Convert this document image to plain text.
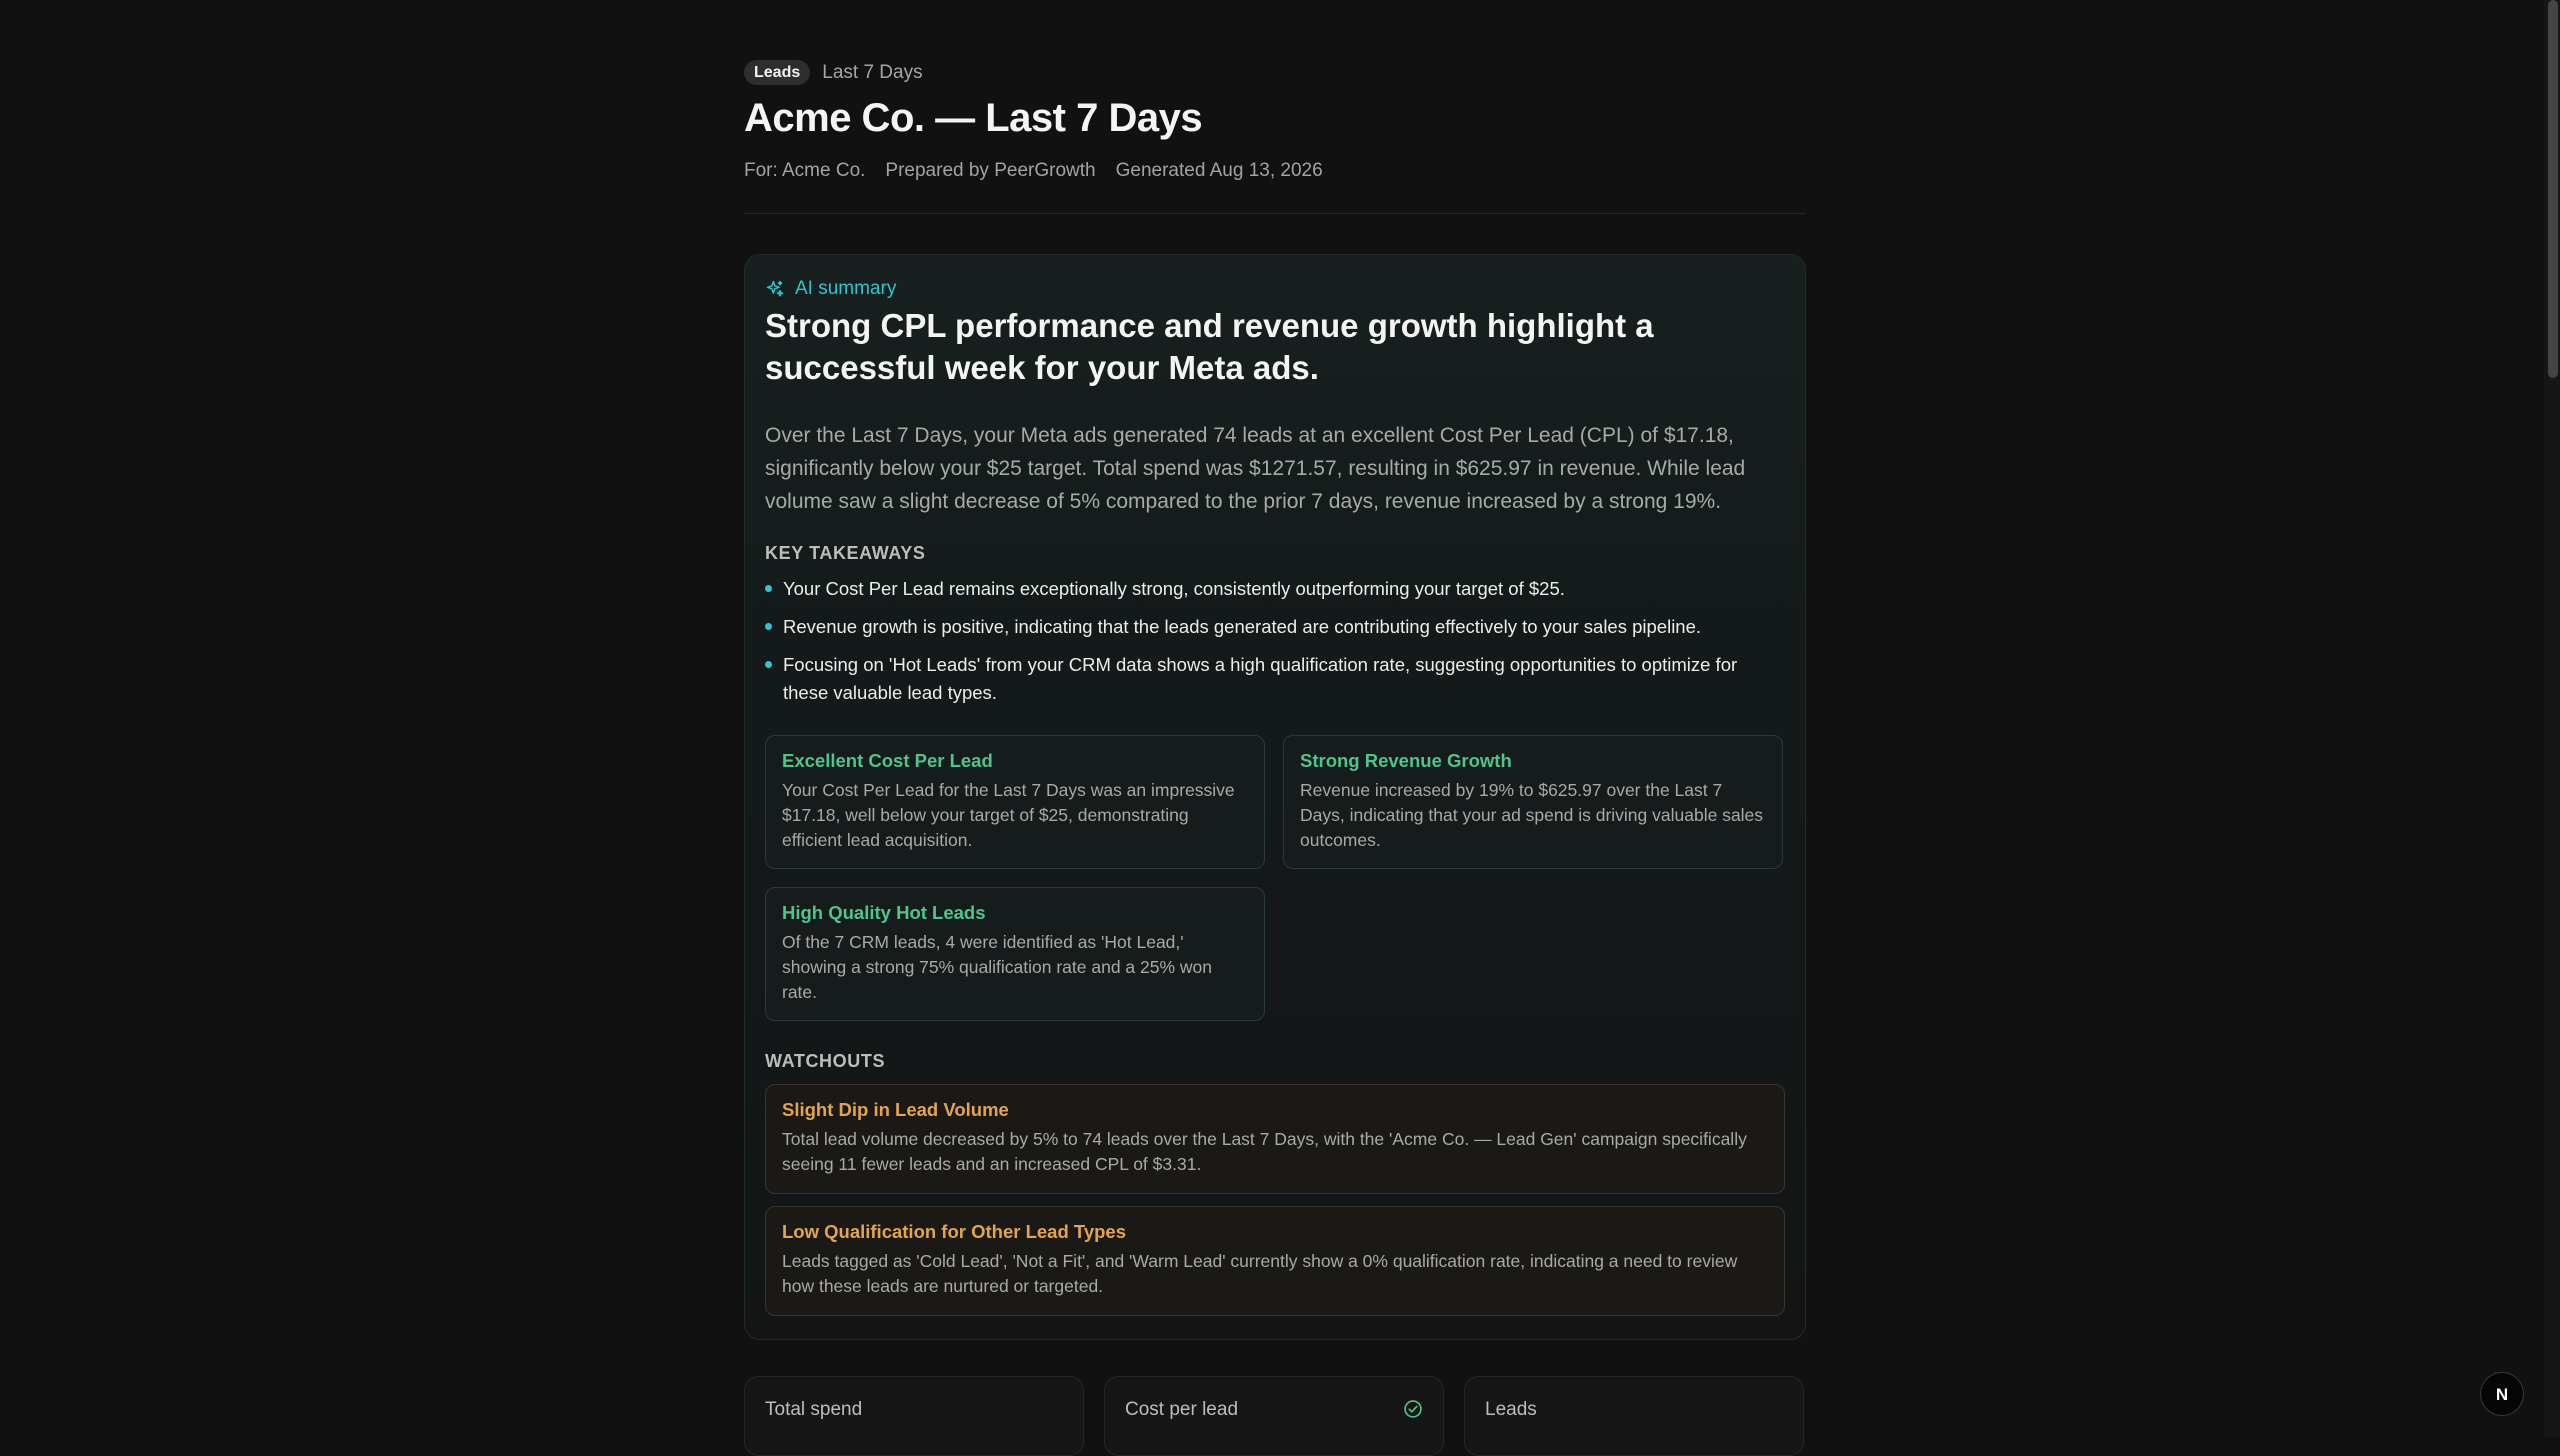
Leads	Last 7 Days
Acme Co. — Last 7 Days
For: Acme Co. Prepared by PeerGrowth Generated Aug 13, 2026
AI summary
Strong CPL performance and revenue growth highlight a successful week for your Meta ads.

Over the Last 7 Days, your Meta ads generated 74 leads at an excellent Cost Per Lead (CPL) of $17.18, significantly below your $25 target. Total spend was $1271.57, resulting in $625.97 in revenue. While lead volume saw a slight decrease of 5% compared to the prior 7 days, revenue increased by a strong 19%.

KEY TAKEAWAYS
Your Cost Per Lead remains exceptionally strong, consistently outperforming your target of $25.
Revenue growth is positive, indicating that the leads generated are contributing effectively to your sales pipeline.
Focusing on 'Hot Leads' from your CRM data shows a high qualification rate, suggesting opportunities to optimize for these valuable lead types.
Excellent Cost Per Lead
Your Cost Per Lead for the Last 7 Days was an impressive $17.18, well below your target of $25, demonstrating efficient lead acquisition.
Strong Revenue Growth
Revenue increased by 19% to $625.97 over the Last 7 Days, indicating that your ad spend is driving valuable sales outcomes.
High Quality Hot Leads
Of the 7 CRM leads, 4 were identified as 'Hot Lead,' showing a strong 75% qualification rate and a 25% won rate.
WATCHOUTS
Slight Dip in Lead Volume
Total lead volume decreased by 5% to 74 leads over the Last 7 Days, with the 'Acme Co. — Lead Gen' campaign specifically seeing 11 fewer leads and an increased CPL of $3.31.
Low Qualification for Other Lead Types
Leads tagged as 'Cold Lead', 'Not a Fit', and 'Warm Lead' currently show a 0% qualification rate, indicating a need to review how these leads are nurtured or targeted.
Total spend	Cost per lead	Leads
N
